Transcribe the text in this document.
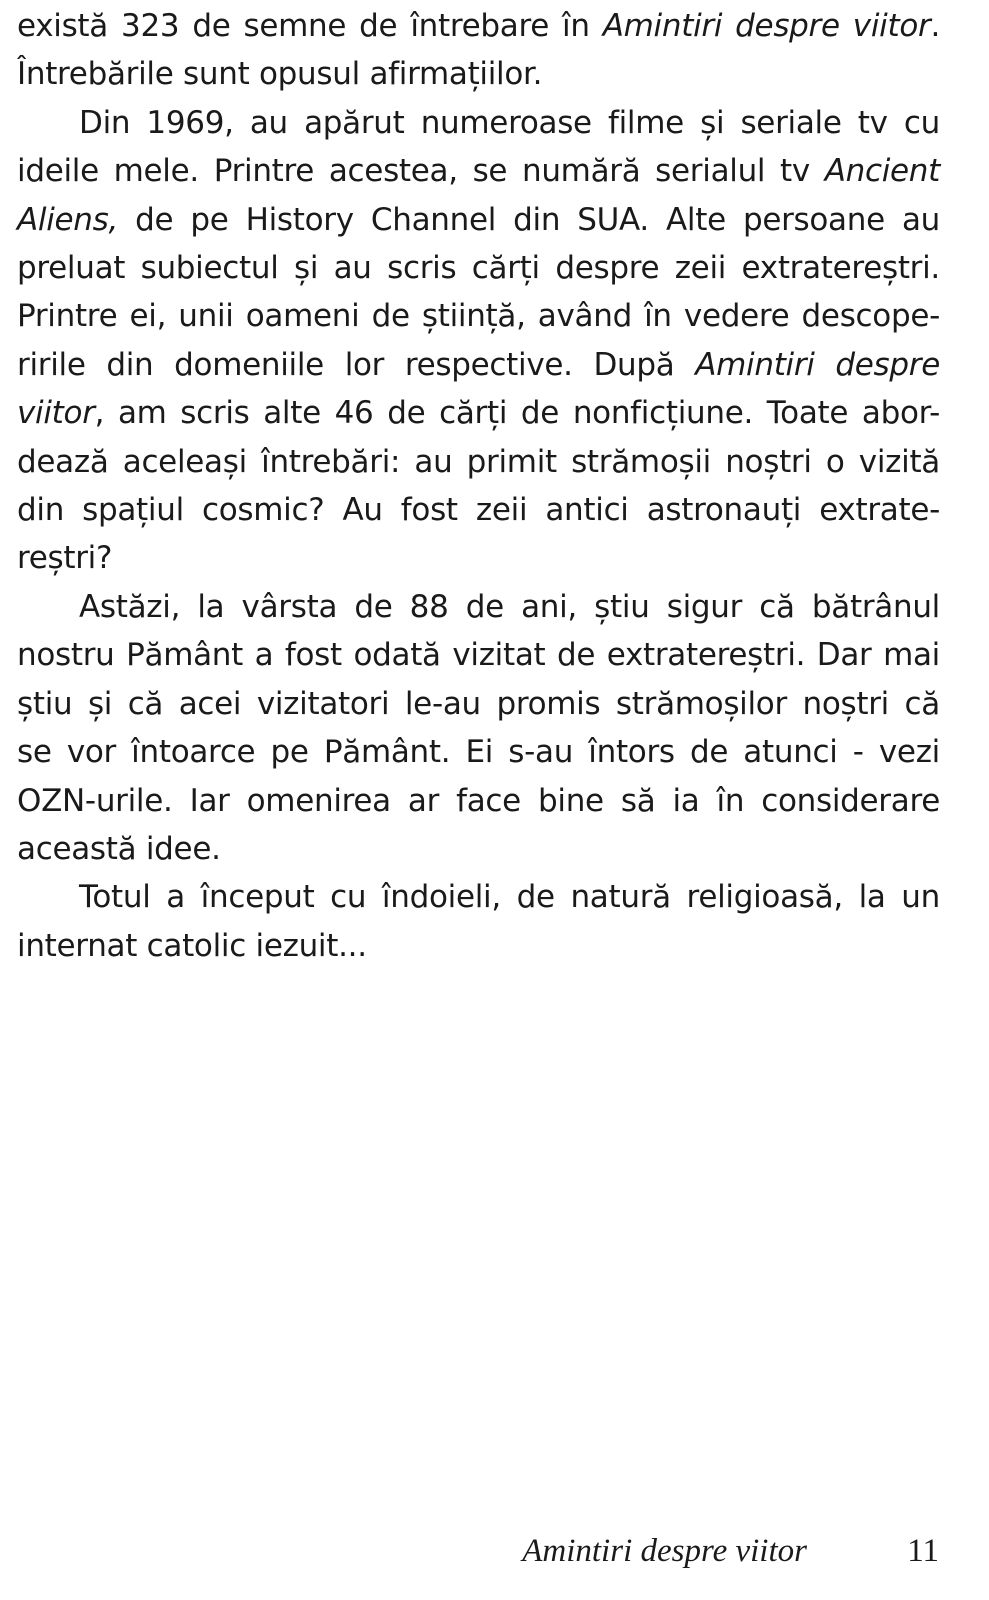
există 323 de semne de întrebare în Amintiri despre viitor.
Întrebările sunt opusul afirmațiilor.
Din 1969, au apărut numeroase filme și seriale tv cu
ideile mele. Printre acestea, se numără serialul tv Ancient
Aliens, de pe History Channel din SUA. Alte persoane au
preluat subiectul și au scris cărți despre zeii extratereștri.
Printre ei, unii oameni de știință, având în vedere descope-
ririle din domeniile lor respective. După Amintiri despre
viitor, am scris alte 46 de cărți de nonficțiune. Toate abor-
dează aceleași întrebări: au primit strămoșii noștri o vizită
din spațiul cosmic? Au fost zeii antici astronauți extrate-
reștri?
Astăzi, la vârsta de 88 de ani, știu sigur că bătrânul
nostru Pământ a fost odată vizitat de extratereștri. Dar mai
știu și că acei vizitatori le-au promis strămoșilor noștri că
se vor întoarce pe Pământ. Ei s-au întors de atunci - vezi
OZN-urile. Iar omenirea ar face bine să ia în considerare
această idee.
Totul a început cu îndoieli, de natură religioasă, la un
internat catolic iezuit...
Amintiri despre viitor	11
